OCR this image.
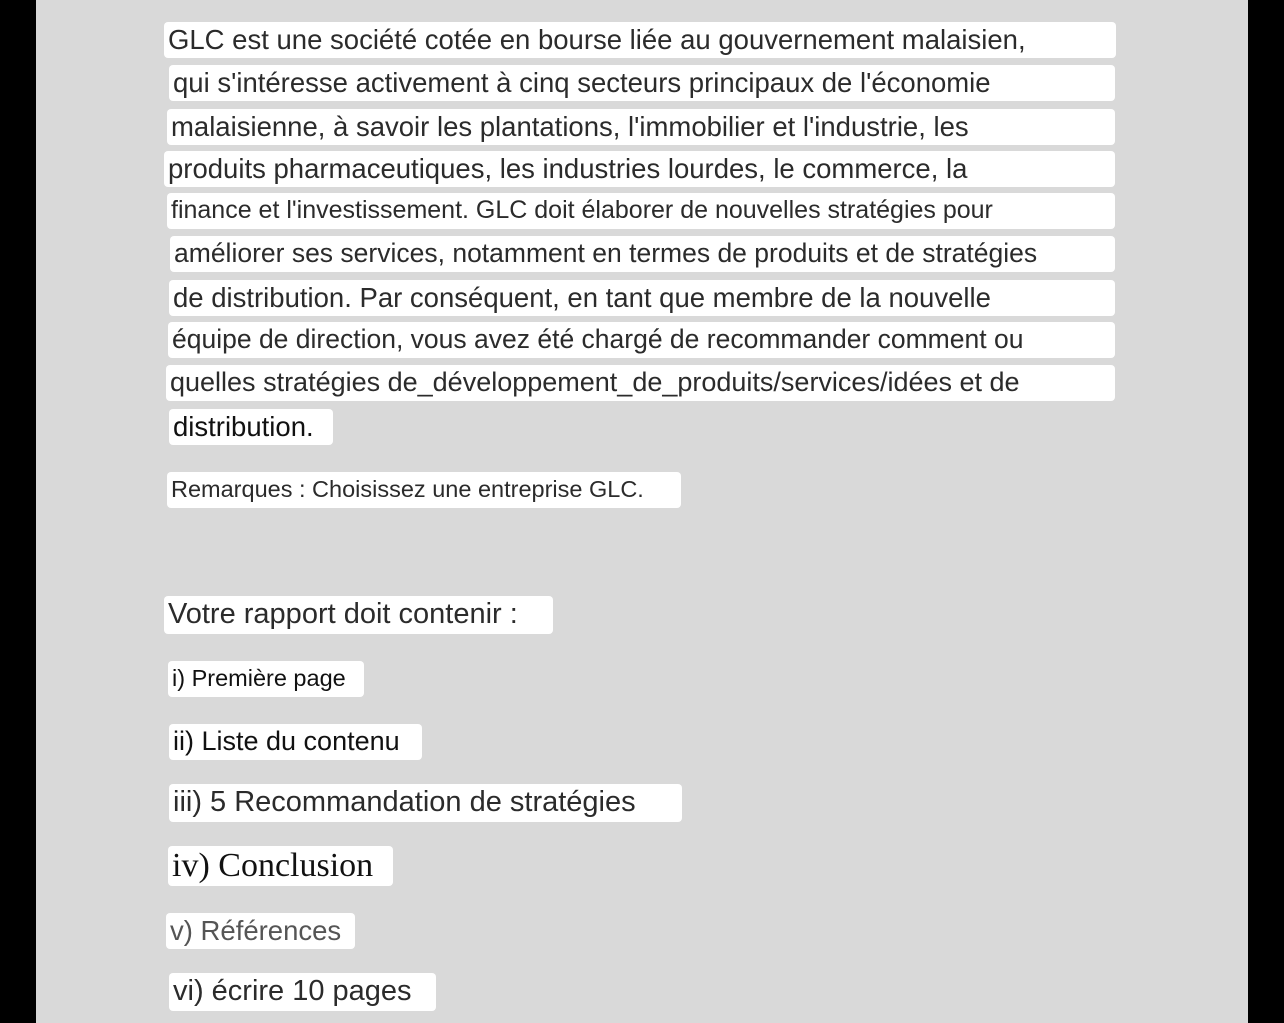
GLC est une société cotée en bourse liée au gouvernement malaisien,
qui s'intéresse activement à cinq secteurs principaux de l'économie
malaisienne, à savoir les plantations, l'immobilier et l'industrie, les
produits pharmaceutiques, les industries lourdes, le commerce, la
finance et l'investissement. GLC doit élaborer de nouvelles stratégies pour
améliorer ses services, notamment en termes de produits et de stratégies
de distribution. Par conséquent, en tant que membre de la nouvelle
équipe de direction, vous avez été chargé de recommander comment ou
quelles stratégies de_développement_de_produits/services/idées et de
distribution.
Remarques : Choisissez une entreprise GLC.
Votre rapport doit contenir :
i) Première page
ii) Liste du contenu
iii) 5 Recommandation de stratégies
iv) Conclusion
v) Références
vi) écrire 10 pages
